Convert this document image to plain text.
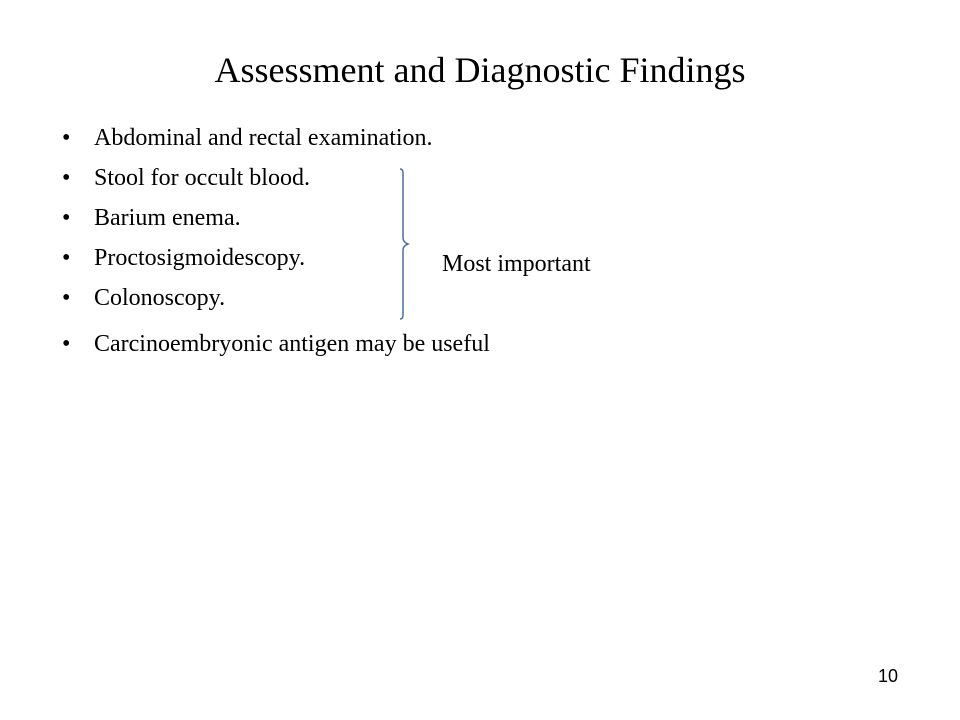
Assessment and Diagnostic Findings
• Abdominal and rectal examination.
• Stool for occult blood.
• Barium enema.
• Proctosigmoidescopy.
• Colonoscopy.
• Carcinoembryonic antigen may be useful
Most important
10
